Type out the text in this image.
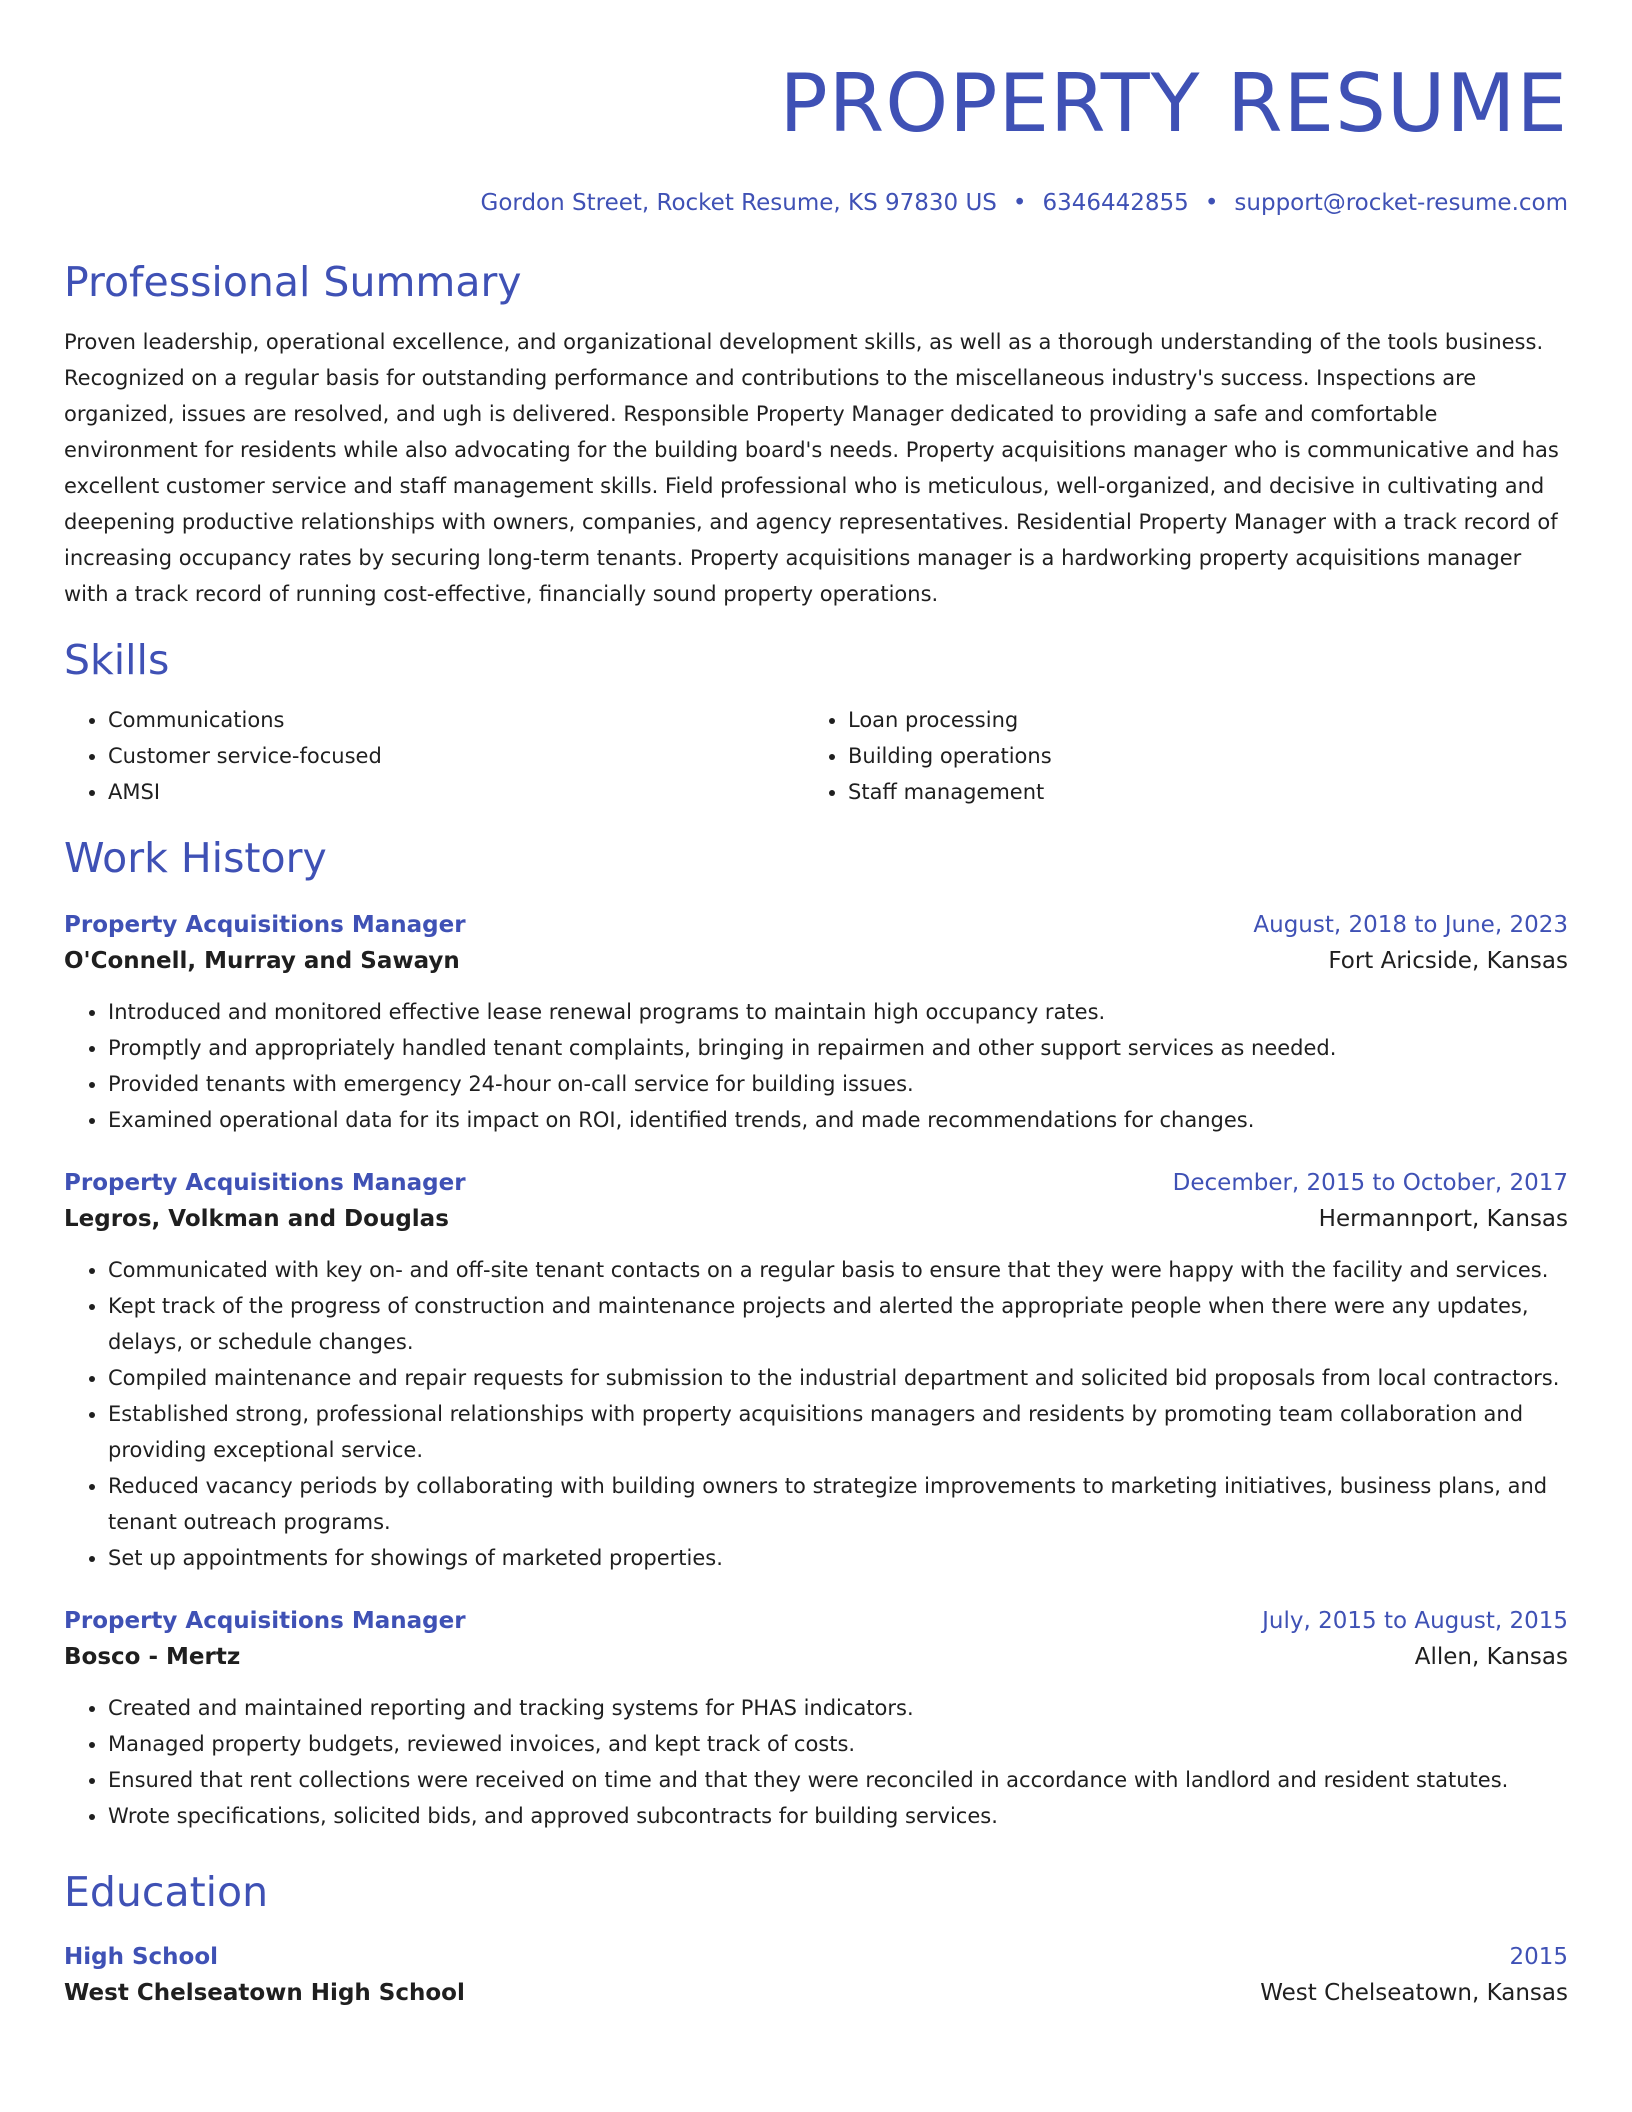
PROPERTY RESUME
Gordon Street, Rocket Resume, KS 97830 US • 6346442855 • support@rocket-resume.com
Professional Summary
Proven leadership, operational excellence, and organizational development skills, as well as a thorough understanding of the tools business. Recognized on a regular basis for outstanding performance and contributions to the miscellaneous industry's success. Inspections are organized, issues are resolved, and ugh is delivered. Responsible Property Manager dedicated to providing a safe and comfortable environment for residents while also advocating for the building board's needs. Property acquisitions manager who is communicative and has excellent customer service and staff management skills. Field professional who is meticulous, well-organized, and decisive in cultivating and deepening productive relationships with owners, companies, and agency representatives. Residential Property Manager with a track record of increasing occupancy rates by securing long-term tenants. Property acquisitions manager is a hardworking property acquisitions manager with a track record of running cost-effective, financially sound property operations.
Skills
• Communications
• Customer service-focused
• AMSI
• Loan processing
• Building operations
• Staff management
Work History
Property Acquisitions Manager	August, 2018 to June, 2023
O'Connell, Murray and Sawayn	Fort Aricside, Kansas
• Introduced and monitored effective lease renewal programs to maintain high occupancy rates.
• Promptly and appropriately handled tenant complaints, bringing in repairmen and other support services as needed.
• Provided tenants with emergency 24-hour on-call service for building issues.
• Examined operational data for its impact on ROI, identified trends, and made recommendations for changes.
Property Acquisitions Manager	December, 2015 to October, 2017
Legros, Volkman and Douglas	Hermannport, Kansas
• Communicated with key on- and off-site tenant contacts on a regular basis to ensure that they were happy with the facility and services.
• Kept track of the progress of construction and maintenance projects and alerted the appropriate people when there were any updates, delays, or schedule changes.
• Compiled maintenance and repair requests for submission to the industrial department and solicited bid proposals from local contractors.
• Established strong, professional relationships with property acquisitions managers and residents by promoting team collaboration and providing exceptional service.
• Reduced vacancy periods by collaborating with building owners to strategize improvements to marketing initiatives, business plans, and tenant outreach programs.
• Set up appointments for showings of marketed properties.
Property Acquisitions Manager	July, 2015 to August, 2015
Bosco - Mertz	Allen, Kansas
• Created and maintained reporting and tracking systems for PHAS indicators.
• Managed property budgets, reviewed invoices, and kept track of costs.
• Ensured that rent collections were received on time and that they were reconciled in accordance with landlord and resident statutes.
• Wrote specifications, solicited bids, and approved subcontracts for building services.
Education
High School	2015
West Chelseatown High School	West Chelseatown, Kansas
